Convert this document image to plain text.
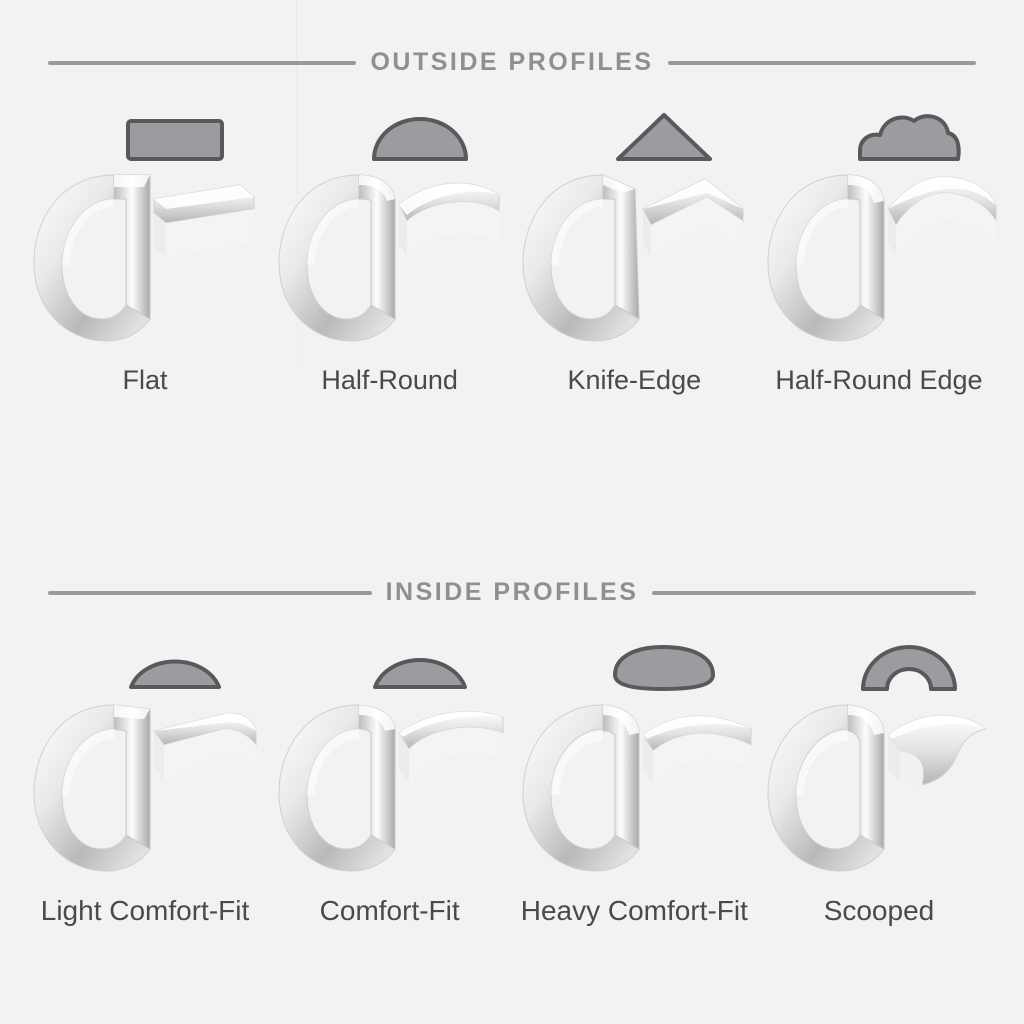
OUTSIDE PROFILES
Flat	Half-Round	Knife-Edge	Half-Round Edge
INSIDE PROFILES
Light Comfort-Fit	Comfort-Fit Heavy Comfort-Fit	Scooped
